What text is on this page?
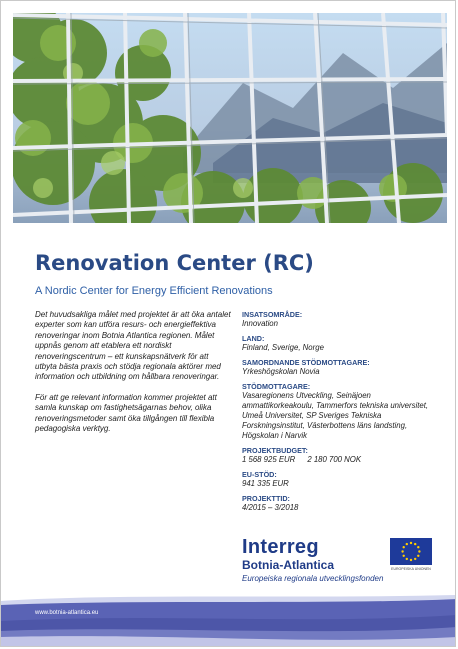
Renovation Center (RC)
A Nordic Center for Energy Efficient Renovations

Det huvudsakliga målet med projektet är att öka antalet experter som kan utföra resurs- och energieffektiva renoveringar inom Botnia Atlantica regionen. Målet uppnås genom att etablera ett nordiskt renoveringscentrum – ett kunskapsnätverk för att utbyta bästa praxis och stödja regionala aktörer med information och utbildning om hållbara renoveringar.

För att ge relevant information kommer projektet att samla kunskap om fastighetsägarnas behov, olika renoveringsmetoder samt öka tillgången till flexibla pedagogiska verktyg.

INSATSOMRÅDE:
Innovation
LAND:
Finland, Sverige, Norge
SAMORDNANDE STÖDMOTTAGARE:
Yrkeshögskolan Novia
STÖDMOTTAGARE:
Vasaregionens Utveckling, Seinäjoen ammattikorkeakoulu, Tammerfors tekniska universitet, Umeå Universitet, SP Sveriges Tekniska Forskningsinstitut, Västerbottens läns landsting, Högskolan i Narvik
PROJEKTBUDGET:
1 568 925 EUR 2 180 700 NOK
EU-STÖD:
941 335 EUR
PROJEKTTID:
4/2015 – 3/2018
Interreg
Botnia-Atlantica
Europeiska regionala utvecklingsfonden
EUROPEISKA UNIONEN
www.botnia-atlantica.eu
